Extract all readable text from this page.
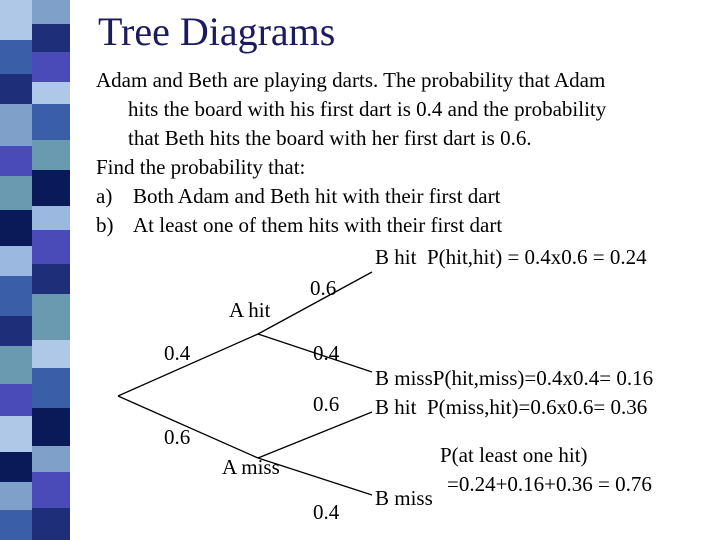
Tree Diagrams
Adam and Beth are playing darts. The probability that Adam
hits the board with his first dart is 0.4 and the probability
that Beth hits the board with her first dart is 0.6.
Find the probability that:
a) Both Adam and Beth hit with their first dart
b) At least one of them hits with their first dart
A hit
0.4
0.6
A miss
0.6
0.4
0.6
0.4
B hit P(hit,hit) = 0.4x0.6 = 0.24
B missP(hit,miss)=0.4x0.4= 0.16
B hit P(miss,hit)=0.6x0.6= 0.36
P(at least one hit)
=0.24+0.16+0.36 = 0.76
B miss
